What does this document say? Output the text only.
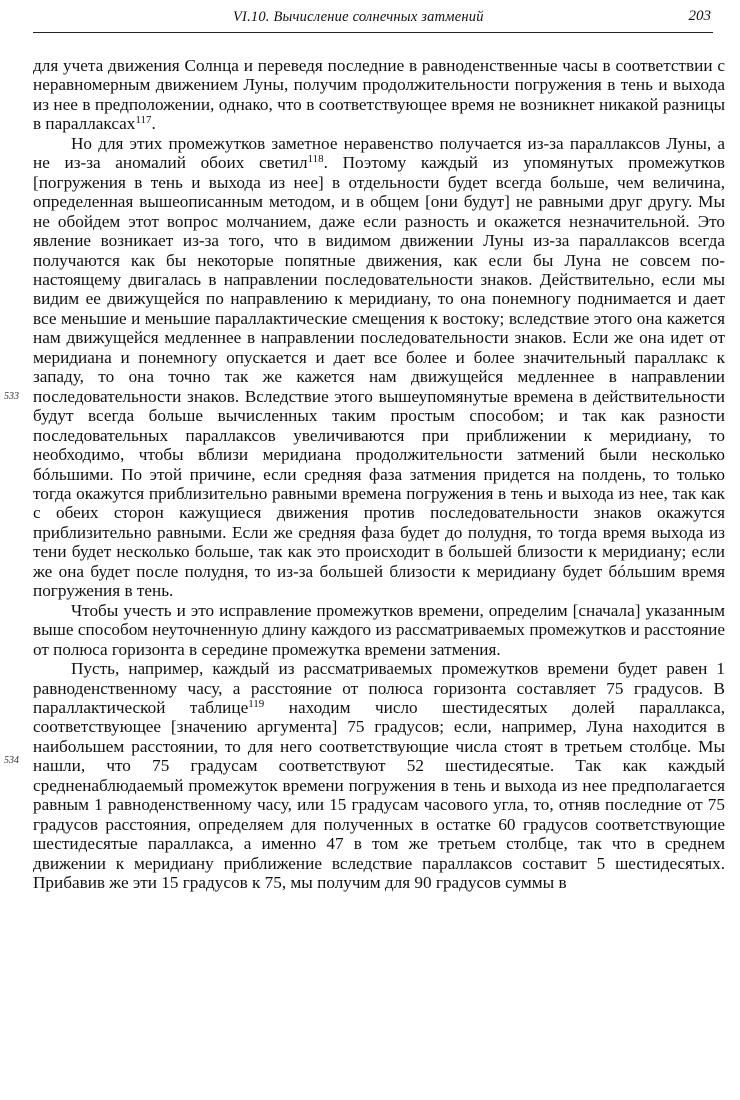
VI.10. Вычисление солнечных затмений	203
533
534

для учета движения Солнца и переведя последние в равноденственные часы в соответствии с неравномерным движением Луны, получим продолжительности погружения в тень и выхода из нее в предположении, однако, что в соответствующее время не возникнет никакой разницы в параллаксах$^{117}$.

Но для этих промежутков заметное неравенство получается из-за параллаксов Луны, а не из-за аномалий обоих светил$^{118}$. Поэтому каждый из упомянутых промежутков [погружения в тень и выхода из нее] в отдельности будет всегда больше, чем величина, определенная вышеописанным методом, и в общем [они будут] не равными друг другу. Мы не обойдем этот вопрос молчанием, даже если разность и окажется незначительной. Это явление возникает из-за того, что в видимом движении Луны из-за параллаксов всегда получаются как бы некоторые попятные движения, как если бы Луна не совсем по-настоящему двигалась в направлении последовательности знаков. Действительно, если мы видим ее движущейся по направлению к меридиану, то она понемногу поднимается и дает все меньшие и меньшие параллактические смещения к востоку; вследствие этого она кажется нам движущейся медленнее в направлении последовательности знаков. Если же она идет от меридиана и понемногу опускается и дает все более и более значительный параллакс к западу, то она точно так же кажется нам движущейся медленнее в направлении последовательности знаков. Вследствие этого вышеупомянутые времена в действительности будут всегда больше вычисленных таким простым способом; и так как разности последовательных параллаксов увеличиваются при приближении к меридиану, то необходимо, чтобы вблизи меридиана продолжительности затмений были несколько бóльшими. По этой причине, если средняя фаза затмения придется на полдень, то только тогда окажутся приблизительно равными времена погружения в тень и выхода из нее, так как с обеих сторон кажущиеся движения против последовательности знаков окажутся приблизительно равными. Если же средняя фаза будет до полудня, то тогда время выхода из тени будет несколько больше, так как это происходит в большей близости к меридиану; если же она будет после полудня, то из-за большей близости к меридиану будет бóльшим время погружения в тень.

Чтобы учесть и это исправление промежутков времени, определим [сначала] указанным выше способом неуточненную длину каждого из рассматриваемых промежутков и расстояние от полюса горизонта в середине промежутка времени затмения.

Пусть, например, каждый из рассматриваемых промежутков времени будет равен 1 равноденственному часу, а расстояние от полюса горизонта составляет 75 градусов. В параллактической таблице$^{119}$ находим число шестидесятых долей параллакса, соответствующее [значению аргумента] 75 градусов; если, например, Луна находится в наибольшем расстоянии, то для него соответствующие числа стоят в третьем столбце. Мы нашли, что 75 градусам соответствуют 52 шестидесятые. Так как каждый средненаблюдаемый промежуток времени погружения в тень и выхода из нее предполагается равным 1 равноденственному часу, или 15 градусам часового угла, то, отняв последние от 75 градусов расстояния, определяем для полученных в остатке 60 градусов соответствующие шестидесятые параллакса, а именно 47 в том же третьем столбце, так что в среднем движении к меридиану приближение вследствие параллаксов составит 5 шестидесятых. Прибавив же эти 15 градусов к 75, мы получим для 90 градусов суммы в
